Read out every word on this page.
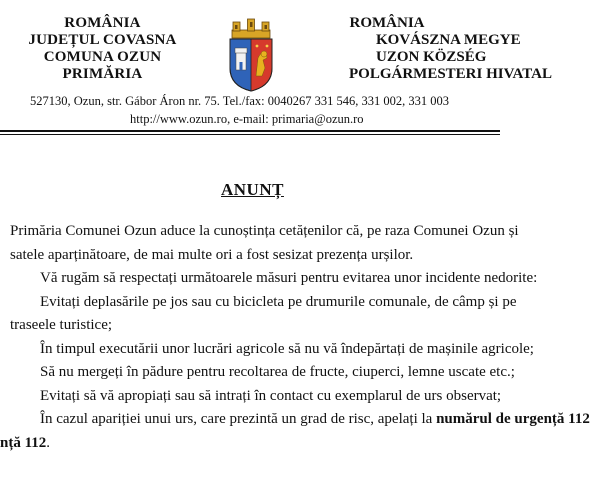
ROMÂNIA
JUDEȚUL COVASNA
COMUNA OZUN
PRIMĂRIA
ROMÂNIA
KOVÁSZNA MEGYE
UZON KÖZSÉG
POLGÁRMESTERI HIVATAL
527130, Ozun, str. Gábor Áron nr. 75. Tel./fax: 0040267 331 546, 331 002, 331 003
http://www.ozun.ro, e-mail: primaria@ozun.ro
ANUNȚ
Primăria Comunei Ozun aduce la cunoștința cetățenilor că, pe raza Comunei Ozun și
satele aparținătoare, de mai multe ori a fost sesizat prezența urșilor.
Vă rugăm să respectați următoarele măsuri pentru evitarea unor incidente nedorite:
Evitați deplasările pe jos sau cu bicicleta pe drumurile comunale, de câmp și pe
traseele turistice;
În timpul executării unor lucrări agricole să nu vă îndepărtați de mașinile agricole;
Să nu mergeți în pădure pentru recoltarea de fructe, ciuperci, lemne uscate etc.;
Evitați să vă apropiați sau să intrați în contact cu exemplarul de urs observat;
În cazul apariției unui urs, care prezintă un grad de risc, apelați la numărul de urgență 112
nță 112.
